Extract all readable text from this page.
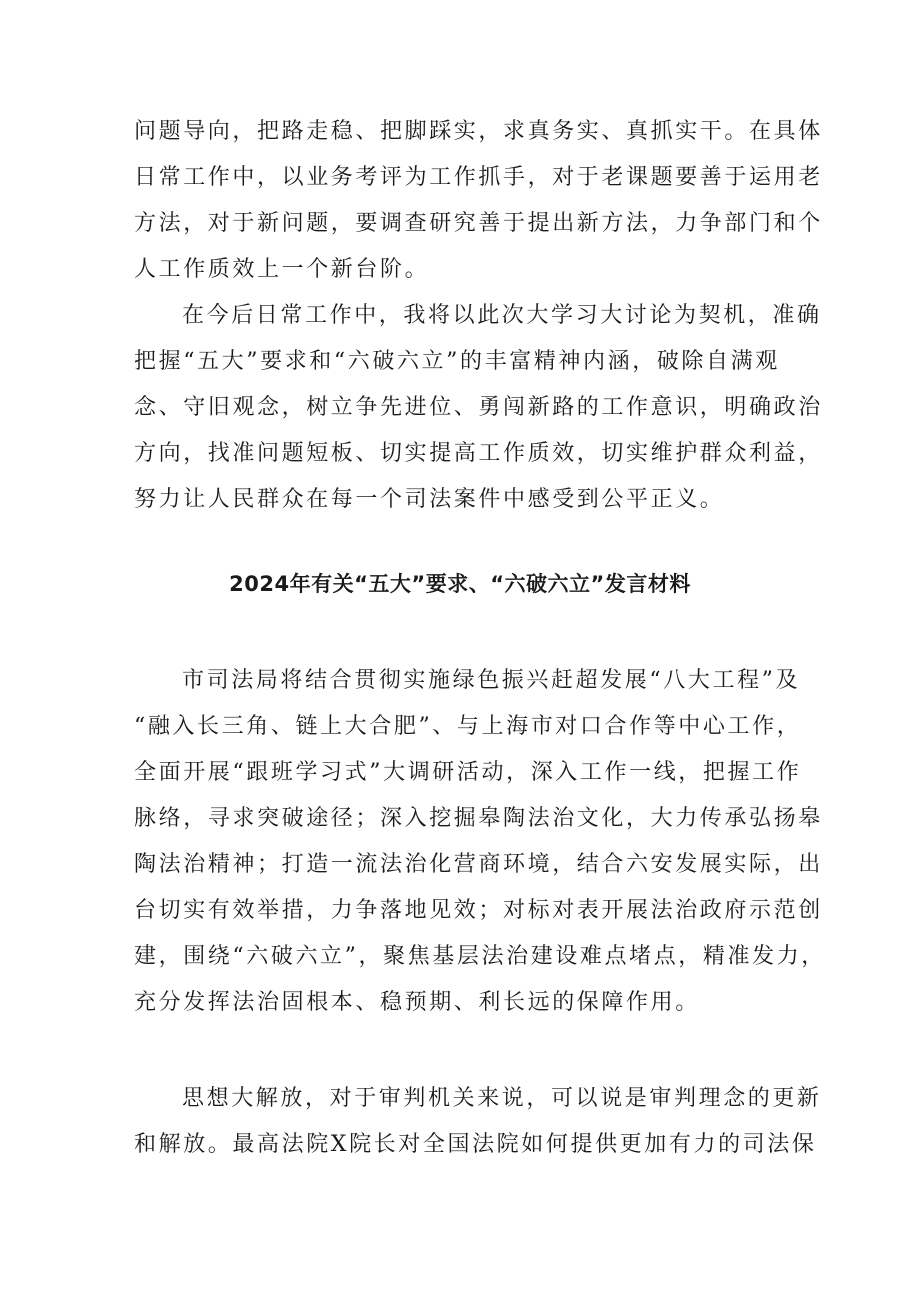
问题导向，把路走稳、把脚踩实，求真务实、真抓实干。在具体
日常工作中，以业务考评为工作抓手，对于老课题要善于运用老
方法，对于新问题，要调查研究善于提出新方法，力争部门和个
人工作质效上一个新台阶。
在今后日常工作中，我将以此次大学习大讨论为契机，准确
把握“五大”要求和“六破六立”的丰富精神内涵，破除自满观
念、守旧观念，树立争先进位、勇闯新路的工作意识，明确政治
方向，找准问题短板、切实提高工作质效，切实维护群众利益，
努力让人民群众在每一个司法案件中感受到公平正义。
2024年有关“五大”要求、“六破六立”发言材料
市司法局将结合贯彻实施绿色振兴赶超发展“八大工程”及
“融入长三角、链上大合肥”、与上海市对口合作等中心工作，
全面开展“跟班学习式”大调研活动，深入工作一线，把握工作
脉络，寻求突破途径；深入挖掘皋陶法治文化，大力传承弘扬皋
陶法治精神；打造一流法治化营商环境，结合六安发展实际，出
台切实有效举措，力争落地见效；对标对表开展法治政府示范创
建，围绕“六破六立”，聚焦基层法治建设难点堵点，精准发力，
充分发挥法治固根本、稳预期、利长远的保障作用。
思想大解放，对于审判机关来说，可以说是审判理念的更新
和解放。最高法院X院长对全国法院如何提供更加有力的司法保
